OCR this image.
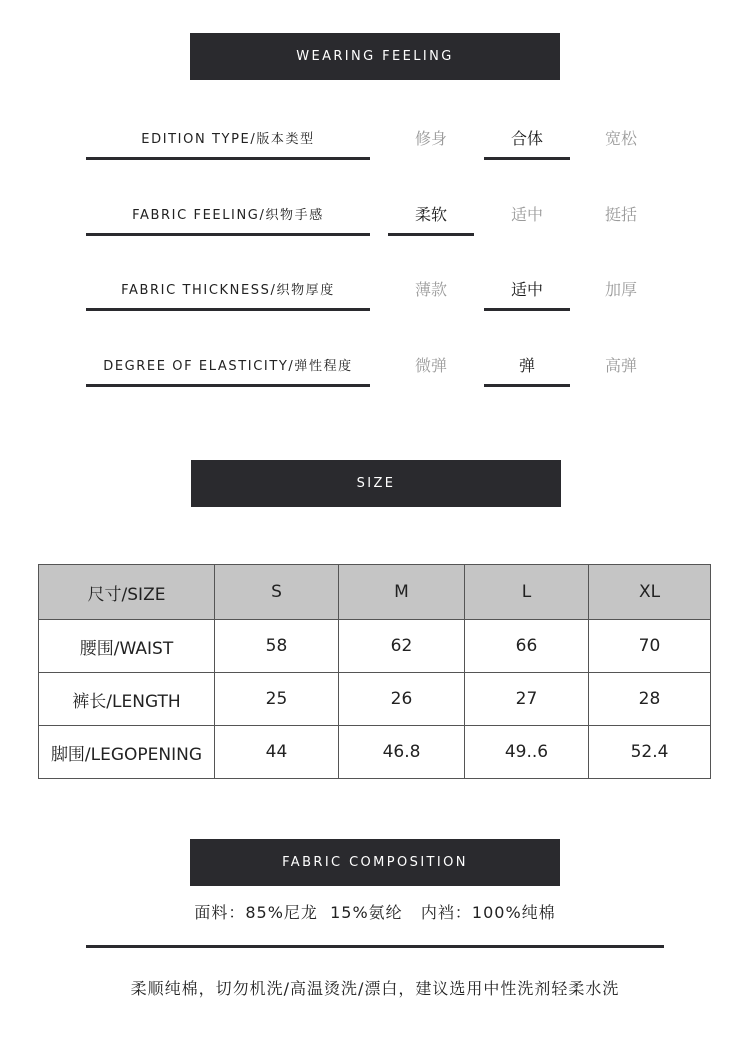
WEARING FEELING
EDITION TYPE/版本类型	修身	合体	宽松
FABRIC FEELING/织物手感	柔软	适中	挺括
FABRIC THICKNESS/织物厚度	薄款	适中	加厚
DEGREE OF ELASTICITY/弹性程度	微弹	弹	高弹
SIZE
尺寸/SIZE	S	M	L	XL
腰围/WAIST	58	62	66	70
裤长/LENGTH	25	26	27	28
脚围/LEGOPENING	44	46.8	49..6	52.4
FABRIC COMPOSITION
面料：85%尼龙  15%氨纶   内裆：100%纯棉
柔顺纯棉，切勿机洗/高温烫洗/漂白，建议选用中性洗剂轻柔水洗
